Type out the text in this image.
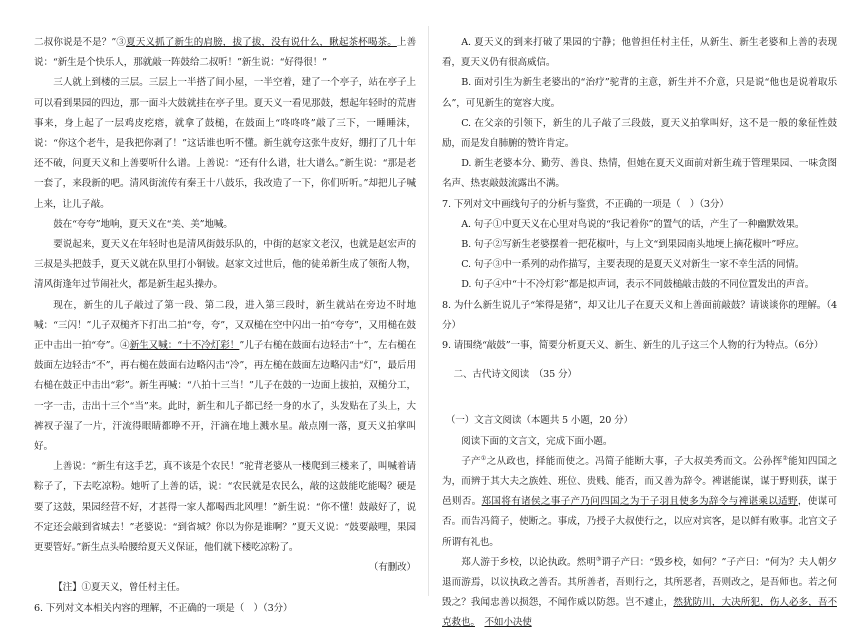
二叔你说是不是？”③夏天义抓了新生的肩膀，拔了拔，没有说什么，瞅起茶杯喝茶。上善说：“新生是个快乐人，那就敲一阵鼓给二叔听！”新生说：“好得很！”

三人就上到楼的三层。三层上一半搭了间小屋，一半空着，建了一个亭子，站在亭子上可以看到果园的四边，那一面斗大鼓就挂在亭子里。夏天义一看见那鼓，想起年轻时的荒唐事来，身上起了一层鸡皮疙瘩，就拿了鼓槌，在鼓面上“咚咚咚”敲了三下，一睡睡沫，说：“你这个老牛，是我把你剥了！”这话谁也听不懂。新生就夸这张牛皮好，绷打了几十年还不破，问夏天义和上善要听什么谱。上善说：“还有什么谱，壮大谱么。”新生说：“那是老一套了，来段新的吧。清风街流传有秦王十八鼓乐，我改造了一下，你们听听。”却把儿子喊上来，让儿子敲。

鼓在“夸夸”地响，夏天义在“美、美”地喊。

要说起来，夏天义在年轻时也是清风街鼓乐队的，中街的赵家文老汉，也就是赵宏声的三叔是头把鼓手，夏天义就在队里打小铜钹。赵家文过世后，他的徒弟新生成了领衔人物，清风街逢年过节闹社火，都是新生起头操办。

现在，新生的儿子敲过了第一段、第二段，进入第三段时，新生就站在旁边不时地喊：“三闪！”儿子双槌齐下打出二拍“夸，夸”，又双槌在空中闪出一拍“夸夸”，又用槌在鼓正中击出一拍“夸”。④新生又喊：“十不冷灯彩！”儿子右槌在鼓面右边轻击“十”，左右槌在鼓面左边轻击“不”，再右槌在鼓面右边略闪击“冷”，再左槌在鼓面左边略闪击“灯”，最后用右槌在鼓正中击出“彩”。新生再喊：“八拍十三当！”儿子在鼓的一边面上拔拍，双槌分工，一字一击，击出十三个“当”来。此时，新生和儿子都已经一身的水了，头发贴在了头上，大裤衩子湿了一片，汗流得眼睛都睁不开，汗滴在地上溅水星。敲点刚一落，夏天义拍掌叫好。

上善说：“新生有这手艺，真不该是个农民！”驼背老婆从一楼爬到三楼来了，叫喊着请粽子了，下去吃凉粉。她听了上善的话，说：“农民就是农民么，敲的这鼓能吃能喝？硬是要了这鼓，果园经营不好，才甚得一家人都喝西北风哩！”新生说：“你不懂！鼓敲好了，说不定还会敲到省城去！”老婆说：“到省城？你以为你是谁啊？”夏天义说：“鼓要敲哩，果园更要管好。”新生点头哈腰给夏天义保证，他们就下楼吃凉粉了。

（有删改）

【注】①夏天义，曾任村主任。

6. 下列对文本相关内容的理解，不正确的一项是（　）（3分）

A. 夏天义的到来打破了果园的宁静；他曾担任村主任，从新生、新生老婆和上善的表现看，夏天义仍有很高威信。

B. 面对引生为新生老婆出的“治疗”驼背的主意，新生并不介意，只是说“他也是说着取乐么”，可见新生的宽容大度。

C. 在父亲的引领下，新生的儿子敲了三段鼓，夏天义拍掌叫好，这不是一般的象征性鼓励，而是发自肺腑的赞许肯定。

D. 新生老婆本分、勤劳、善良、热情，但她在夏天义面前对新生疏于管理果园、一味贪图名声、热衷敲鼓流露出不满。

7. 下列对文中画线句子的分析与鉴赏，不正确的一项是（　）（3分）

A. 句子①中夏天义在心里对鸟说的“我记着你”的置气的话，产生了一种幽默效果。

B. 句子②写新生老婆摆着一把花椒叶，与上文“到果园南头地埂上摘花椒叶”呼应。

C. 句子③中一系列的动作描写，主要表现的是夏天义对新生一家不幸生活的同情。

D. 句子④中“十不冷灯彩”都是拟声词，表示不同鼓槌敲击鼓的不同位置发出的声音。

8. 为什么新生说儿子“笨得是猪”，却又让儿子在夏天义和上善面前敲鼓？请谈谈你的理解。（4分）

9. 请围绕“敲鼓”一事，简要分析夏天义、新生、新生的儿子这三个人物的行为特点。（6分）

二、古代诗文阅读　（35 分）

（一）文言文阅读（本题共 5 小题，20 分）

阅读下面的文言文，完成下面小题。

子产①之从政也，择能而使之。冯简子能断大事，子大叔美秀而文。公孙挥②能知四国之为，而辨于其大夫之族姓、班位、贵贱、能否，而又善为辞令。裨谌能谋，谋于野则获，谋于邑则否。郑国将有诸侯之事子产乃问四国之为于子羽且使多为辞令与裨谌乘以适野，使谋可否。而告冯简子，使断之。事成，乃授子大叔使行之，以应对宾客，是以鲜有败事。北宫文子所谓有礼也。

郑人游于乡校，以论执政。然明③谓子产曰：“毁乡校，如何？”子产曰：“何为？夫人朝夕退而游焉，以议执政之善否。其所善者，吾则行之，其所恶者，吾则改之，是吾师也。若之何毁之？我闻忠善以损怨，不闻作威以防怨。岂不遽止，然犹防川，大决所犯，伤人必多，吾不克救也。　 不如小决使
